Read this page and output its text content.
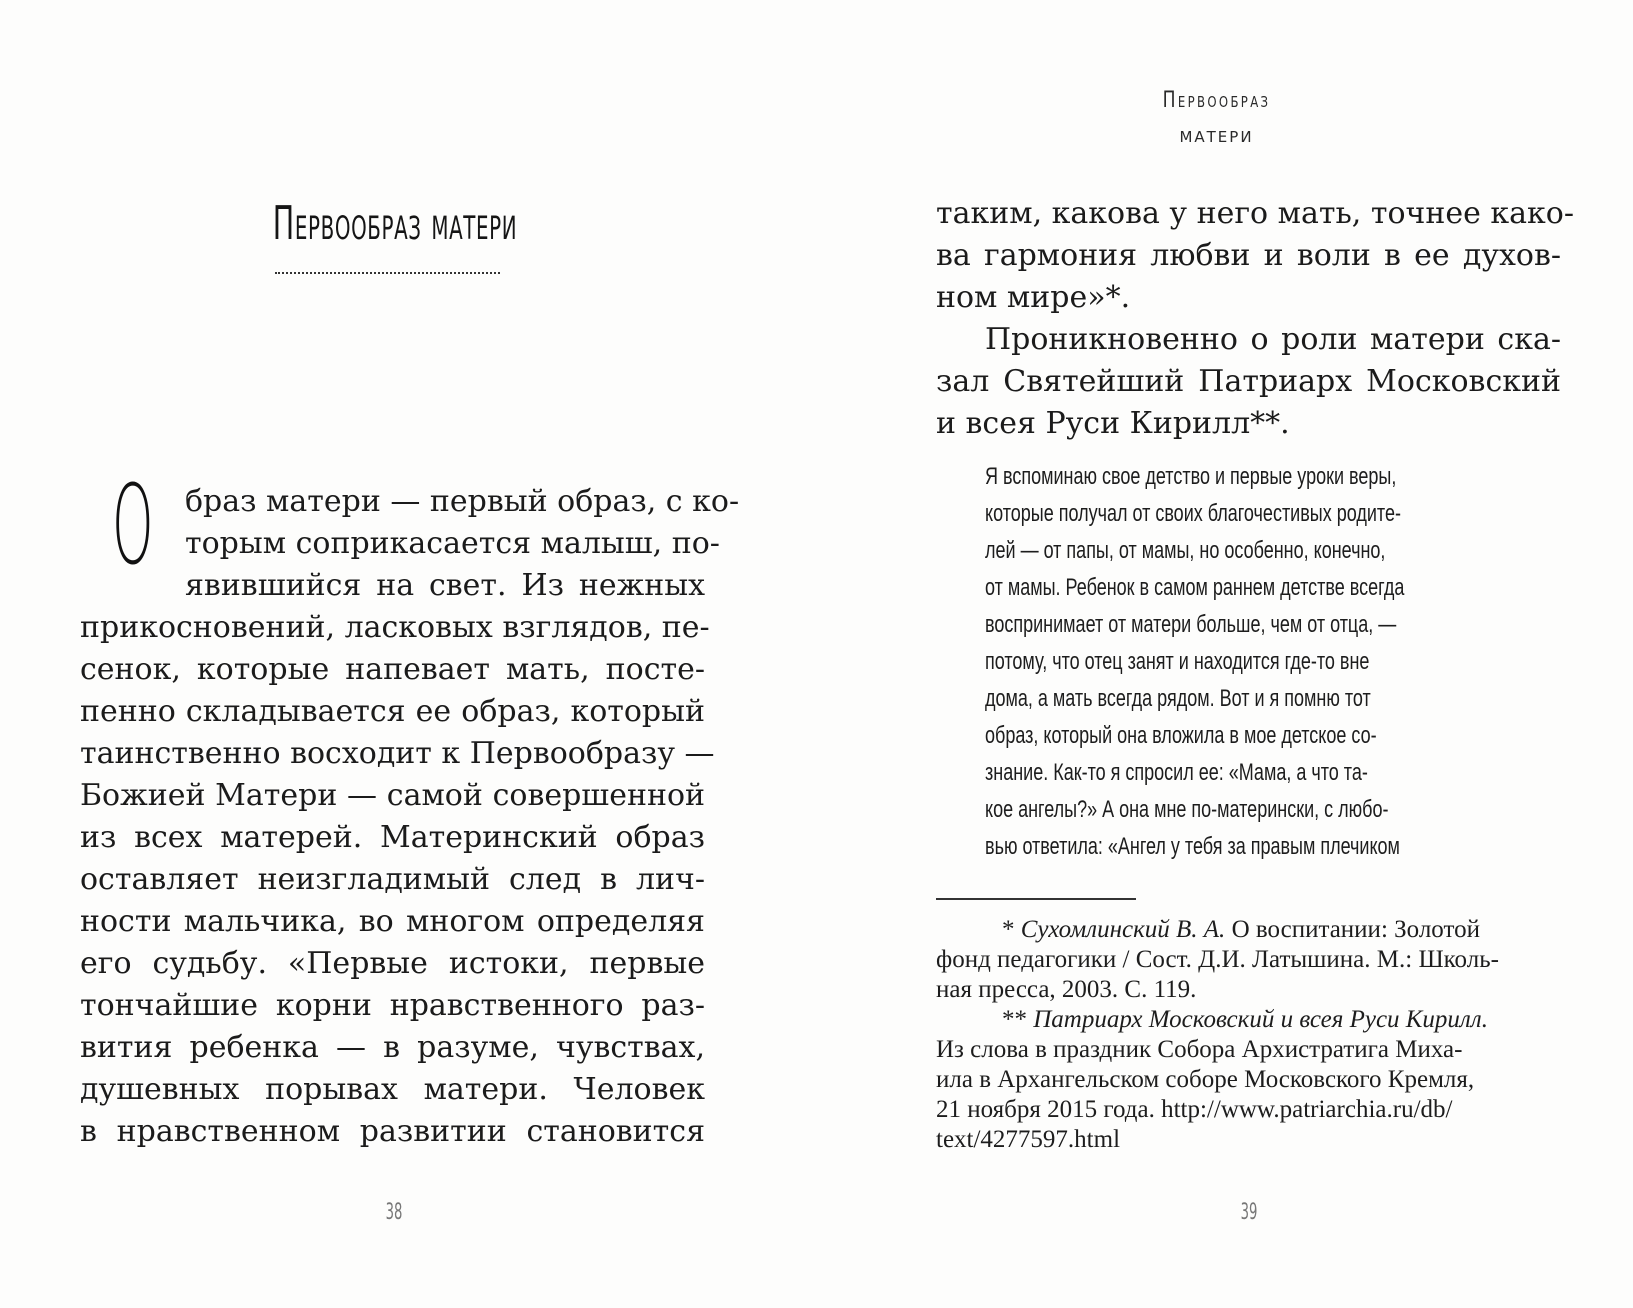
Первообраз матери
О браз матери — первый образ, с ко-
торым соприкасается малыш, по-
явившийся на свет. Из нежных
прикосновений, ласковых взглядов, пе-
сенок, которые напевает мать, посте-
пенно складывается ее образ, который
таинственно восходит к Первообразу —
Божией Матери — самой совершенной
из всех матерей. Материнский образ
оставляет неизгладимый след в лич-
ности мальчика, во многом определяя
его судьбу. «Первые истоки, первые
тончайшие корни нравственного раз-
вития ребенка — в разуме, чувствах,
душевных порывах матери. Человек
в нравственном развитии становится
38
Первообраз
МАТЕРИ
таким, какова у него мать, точнее како-
ва гармония любви и воли в ее духов-
ном мире»*.
Проникновенно о роли матери ска-
зал Святейший Патриарх Московский
и всея Руси Кирилл**.
Я вспоминаю свое детство и первые уроки веры,
которые получал от своих благочестивых родите-
лей — от папы, от мамы, но особенно, конечно,
от мамы. Ребенок в самом раннем детстве всегда
воспринимает от матери больше, чем от отца, —
потому, что отец занят и находится где-то вне
дома, а мать всегда рядом. Вот и я помню тот
образ, который она вложила в мое детское со-
знание. Как-то я спросил ее: «Мама, а что та-
кое ангелы?» А она мне по-матерински, с любо-
вью ответила: «Ангел у тебя за правым плечиком
* Сухомлинский В. А. О воспитании: Золотой
фонд педагогики / Сост. Д.И. Латышина. М.: Школь-
ная пресса, 2003. С. 119.
** Патриарх Московский и всея Руси Кирилл.
Из слова в праздник Собора Архистратига Миха-
ила в Архангельском соборе Московского Кремля,
21 ноября 2015 года. http://www.patriarchia.ru/db/
text/4277597.html
39
